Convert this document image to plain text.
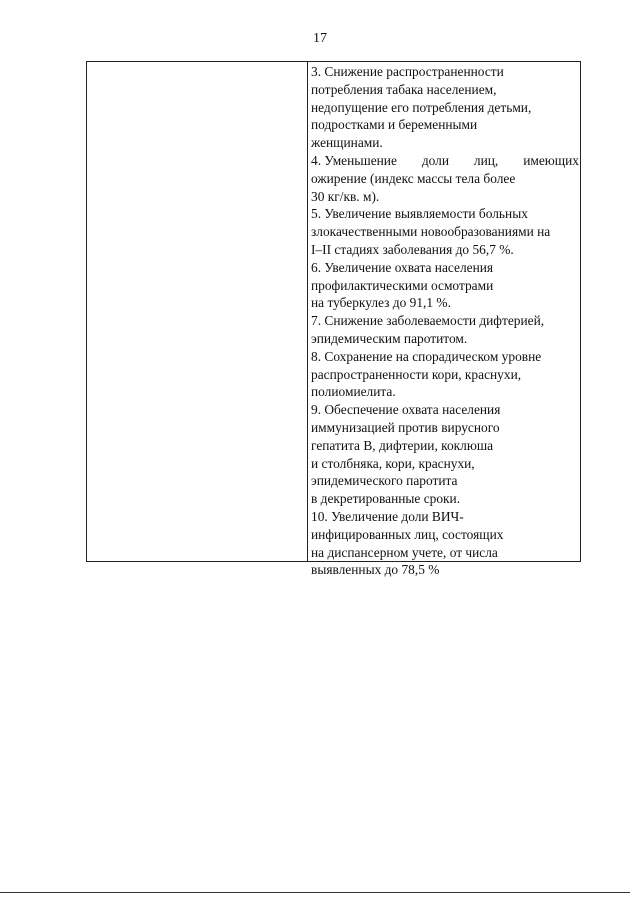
17
3. Снижение распространенности
потребления табака населением,
недопущение его потребления детьми,
подростками и беременными
женщинами.
4. Уменьшение доли лиц, имеющих
ожирение (индекс массы тела более
30 кг/кв. м).
5. Увеличение выявляемости больных
злокачественными новообразованиями на
I–II стадиях заболевания до 56,7 %.
6. Увеличение охвата населения
профилактическими осмотрами
на туберкулез до 91,1 %.
7. Снижение заболеваемости дифтерией,
эпидемическим паротитом.
8. Сохранение на спорадическом уровне
распространенности кори, краснухи,
полиомиелита.
9. Обеспечение охвата населения
иммунизацией против вирусного
гепатита В, дифтерии, коклюша
и столбняка, кори, краснухи,
эпидемического паротита
в декретированные сроки.
10. Увеличение доли ВИЧ-
инфицированных лиц, состоящих
на диспансерном учете, от числа
выявленных до 78,5 %
